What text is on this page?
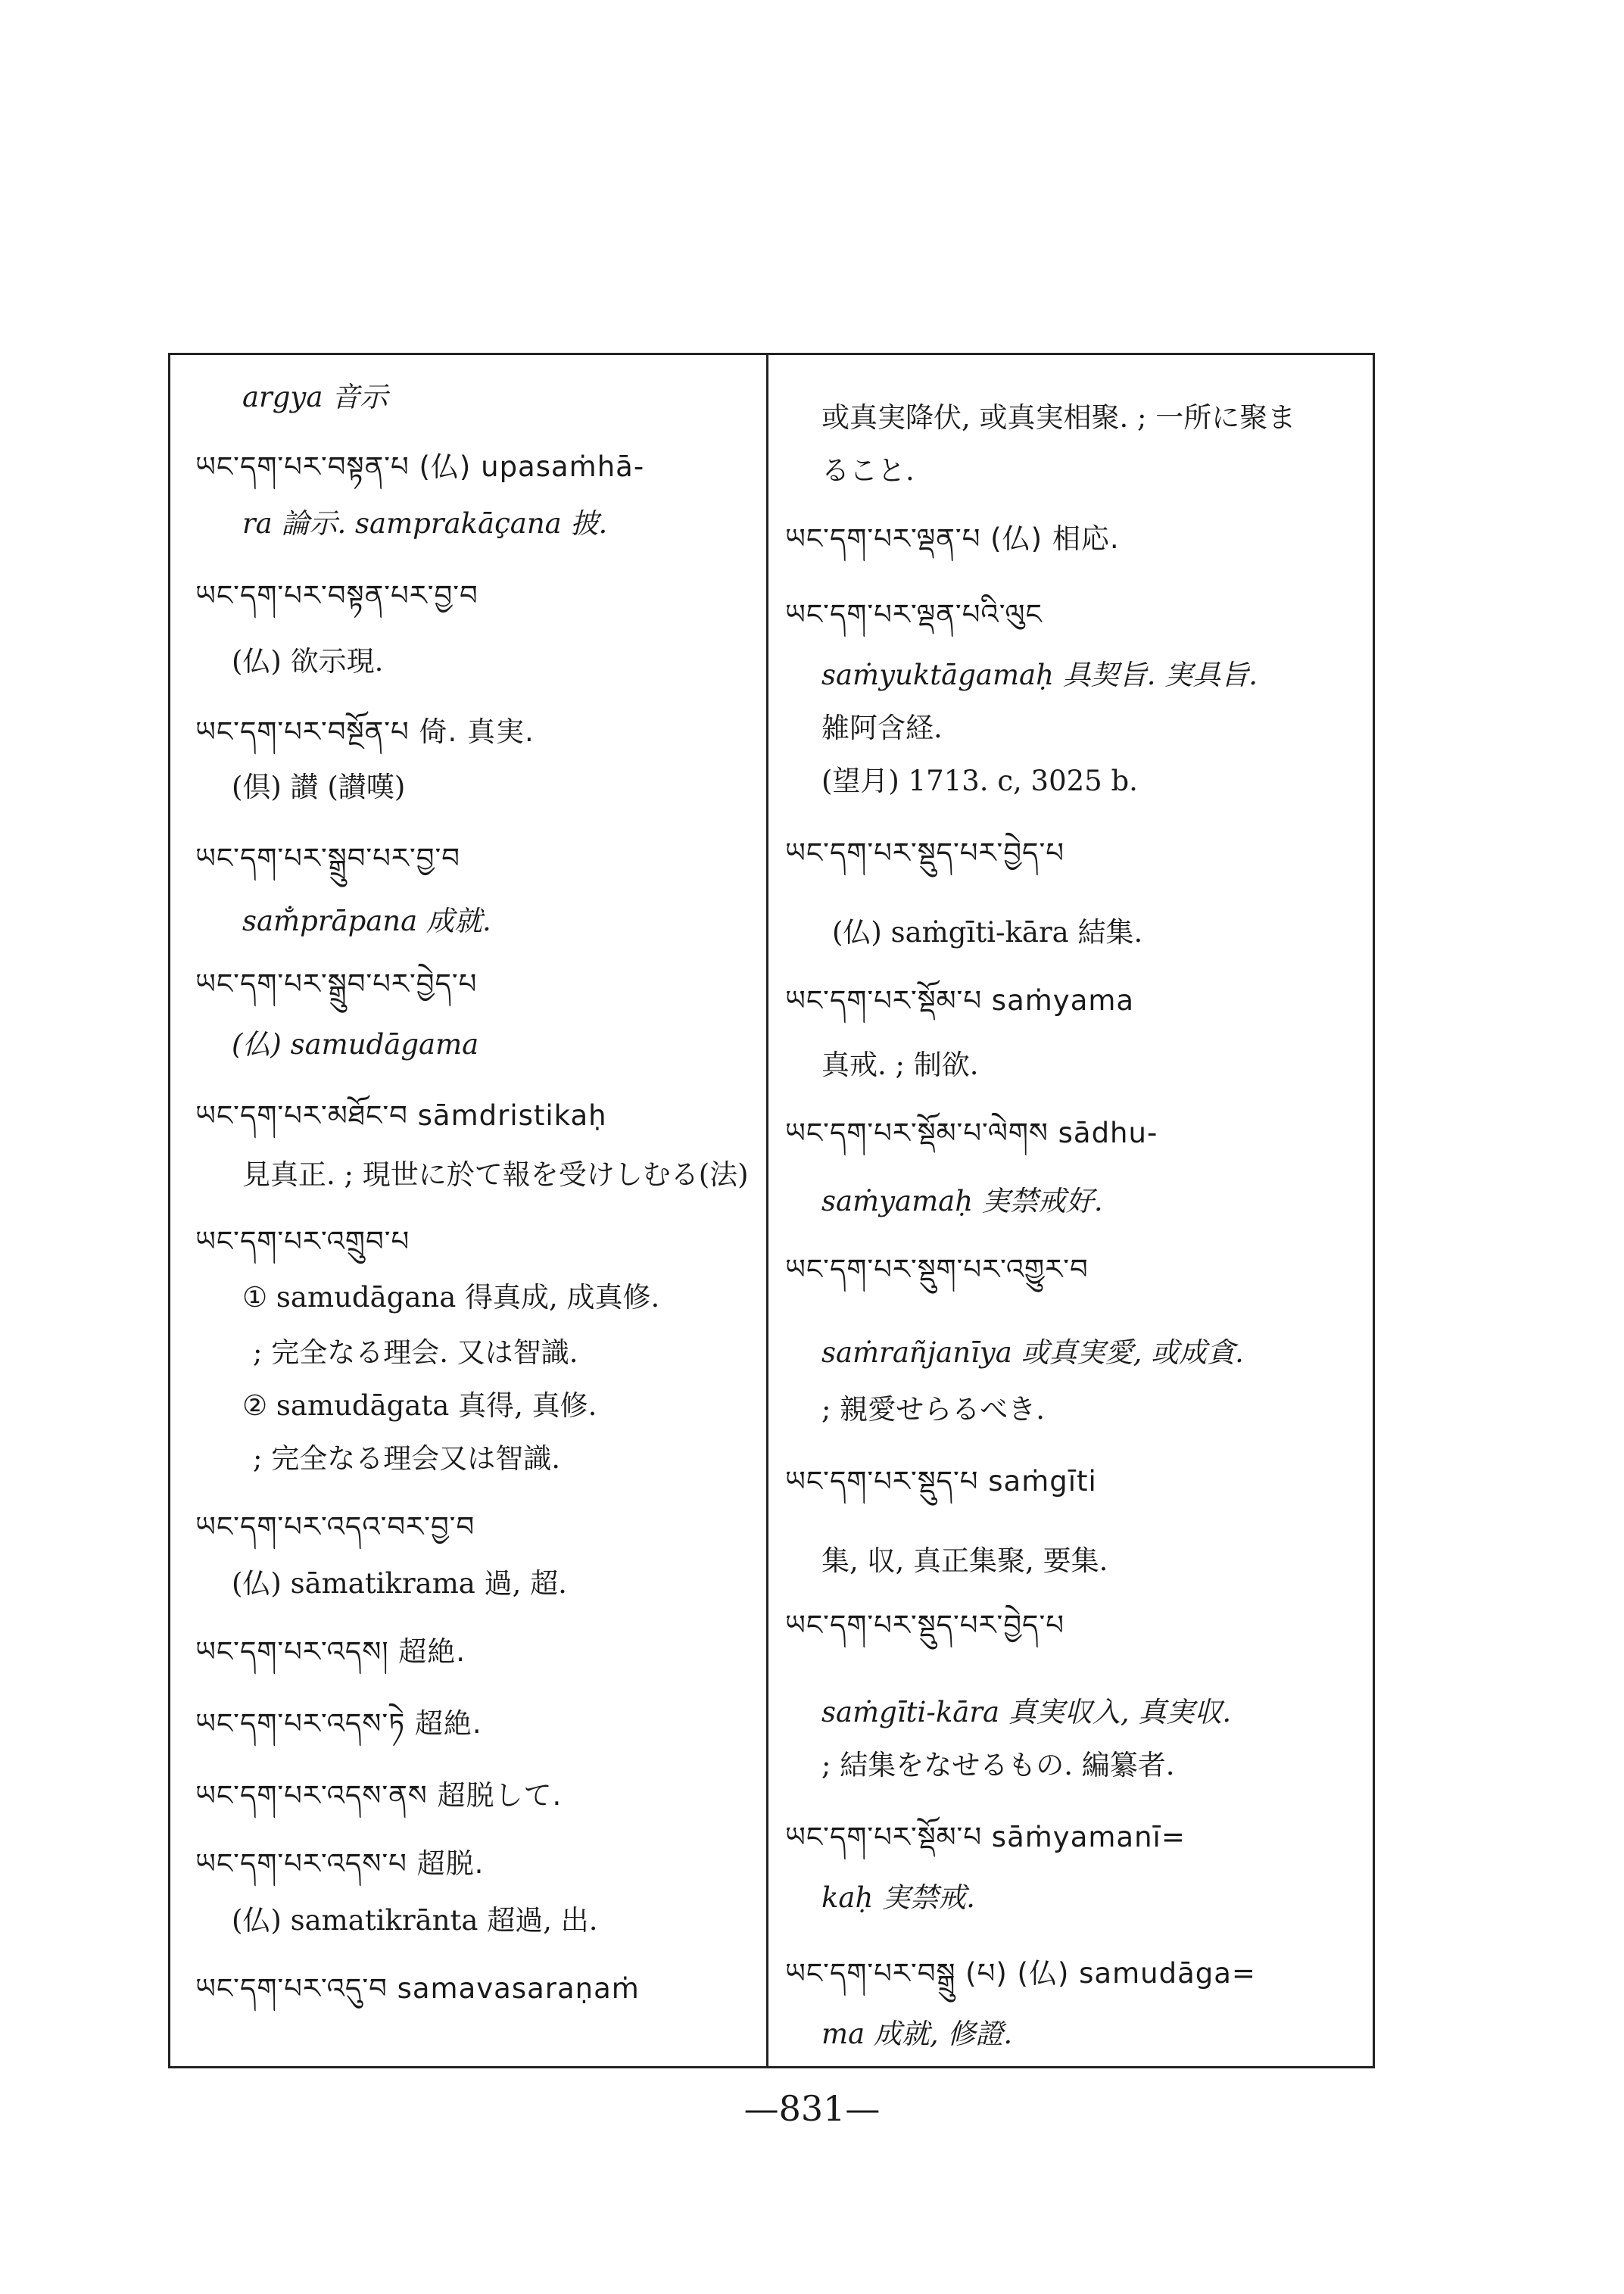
argya 音示
ཡང་དག་པར་བསྟན་པ (仏) upasaṁhā-
ra 論示. samprakāçana 披.
ཡང་དག་པར་བསྟན་པར་བྱ་བ
(仏) 欲示現.
ཡང་དག་པར་བསྔོན་པ 倚. 真実.
(倶) 讃 (讃嘆)
ཡང་དག་པར་སྒྲུབ་པར་བྱ་བ
sam̐prāpana 成就.
ཡང་དག་པར་སྒྲུབ་པར་བྱེད་པ
(仏) samudāgama
ཡང་དག་པར་མཐོང་བ sāmdristikaḥ
見真正. ; 現世に於て報を受けしむる(法)
ཡང་དག་པར་འགྲུབ་པ
① samudāgana 得真成, 成真修.
; 完全なる理会. 又は智識.
② samudāgata 真得, 真修.
; 完全なる理会又は智識.
ཡང་དག་པར་འདའ་བར་བྱ་བ
(仏) sāmatikrama 過, 超.
ཡང་དག་པར་འདས། 超絶.
ཡང་དག་པར་འདས་ཏེ 超絶.
ཡང་དག་པར་འདས་ནས 超脱して.
ཡང་དག་པར་འདས་པ 超脱.
(仏) samatikrānta 超過, 出.
ཡང་དག་པར་འདུ་བ samavasaraṇaṁ
或真実降伏, 或真実相聚. ; 一所に聚ま
ること.
ཡང་དག་པར་ལྡན་པ (仏) 相応.
ཡང་དག་པར་ལྡན་པའི་ལུང
saṁyuktāgamaḥ 具契旨. 実具旨.
雑阿含経.
(望月) 1713. c, 3025 b.
ཡང་དག་པར་སྡུད་པར་བྱེད་པ
(仏) saṁgīti-kāra 結集.
ཡང་དག་པར་སྡོམ་པ saṁyama
真戒. ; 制欲.
ཡང་དག་པར་སྡོམ་པ་ལེགས sādhu-
saṁyamaḥ 実禁戒好.
ཡང་དག་པར་སྡུག་པར་འགྱུར་བ
saṁrañjanīya 或真実愛, 或成貪.
; 親愛せらるべき.
ཡང་དག་པར་སྡུད་པ saṁgīti
集, 収, 真正集聚, 要集.
ཡང་དག་པར་སྡུད་པར་བྱེད་པ
saṁgīti-kāra 真実収入, 真実収.
; 結集をなせるもの. 編纂者.
ཡང་དག་པར་སྡོམ་པ sāṁyamanī=
kaḥ 実禁戒.
ཡང་དག་པར་བསྒྲུ (པ) (仏) samudāga=
ma 成就, 修證.
—831—
